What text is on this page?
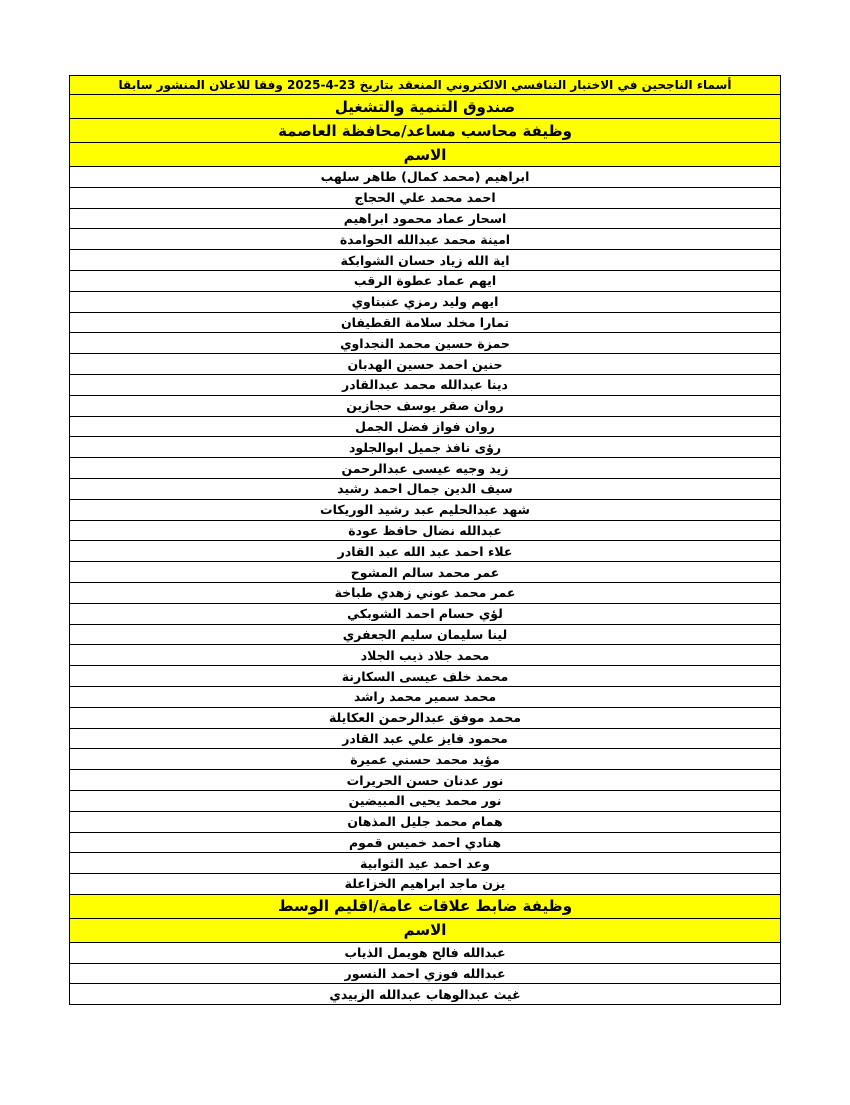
أسماء الناجحين في الاختبار التنافسي الالكتروني المنعقد بتاريخ 23-4-2025 وفقا للاعلان المنشور سابقا
صندوق التنمية والتشغيل
وظيفة محاسب مساعد/محافظة العاصمة
الاسم
ابراهيم (محمد كمال) طاهر سلهب
احمد محمد علي الحجاج
اسحار عماد محمود ابراهيم
امينة محمد عبدالله الحوامدة
اية الله زياد حسان الشوابكة
ايهم عماد عطوة الرقب
ايهم وليد رمزي عنبتاوي
تمارا مخلد سلامة القطيفان
حمزة حسين محمد النجداوي
حنين احمد حسين الهدبان
دينا عبدالله محمد عبدالقادر
روان صقر يوسف حجازين
روان فواز فضل الجمل
رؤى نافذ جميل ابوالجلود
زيد وجيه عيسى عبدالرحمن
سيف الدين جمال احمد رشيد
شهد عبدالحليم عبد رشيد الوريكات
عبدالله نضال حافظ عودة
علاء احمد عبد الله عبد القادر
عمر محمد سالم المشوح
عمر محمد عوني زهدي طباخة
لؤي حسام احمد الشوبكي
لينا سليمان سليم الجعفري
محمد جلاد ذيب الجلاد
محمد خلف عيسى السكارنة
محمد سمير محمد راشد
محمد موفق عبدالرحمن العكايلة
محمود فايز علي عبد القادر
مؤيد محمد حسني عميرة
نور عدنان حسن الحريرات
نور محمد يحيى المبيضين
همام محمد جليل المذهان
هنادي احمد خميس قموم
وعد احمد عيد الثوابية
يزن ماجد ابراهيم الخزاعلة
وظيفة ضابط علاقات عامة/اقليم الوسط
الاسم
عبدالله فالح هويمل الذياب
عبدالله فوزي احمد النسور
غيث عبدالوهاب عبدالله الزبيدي
